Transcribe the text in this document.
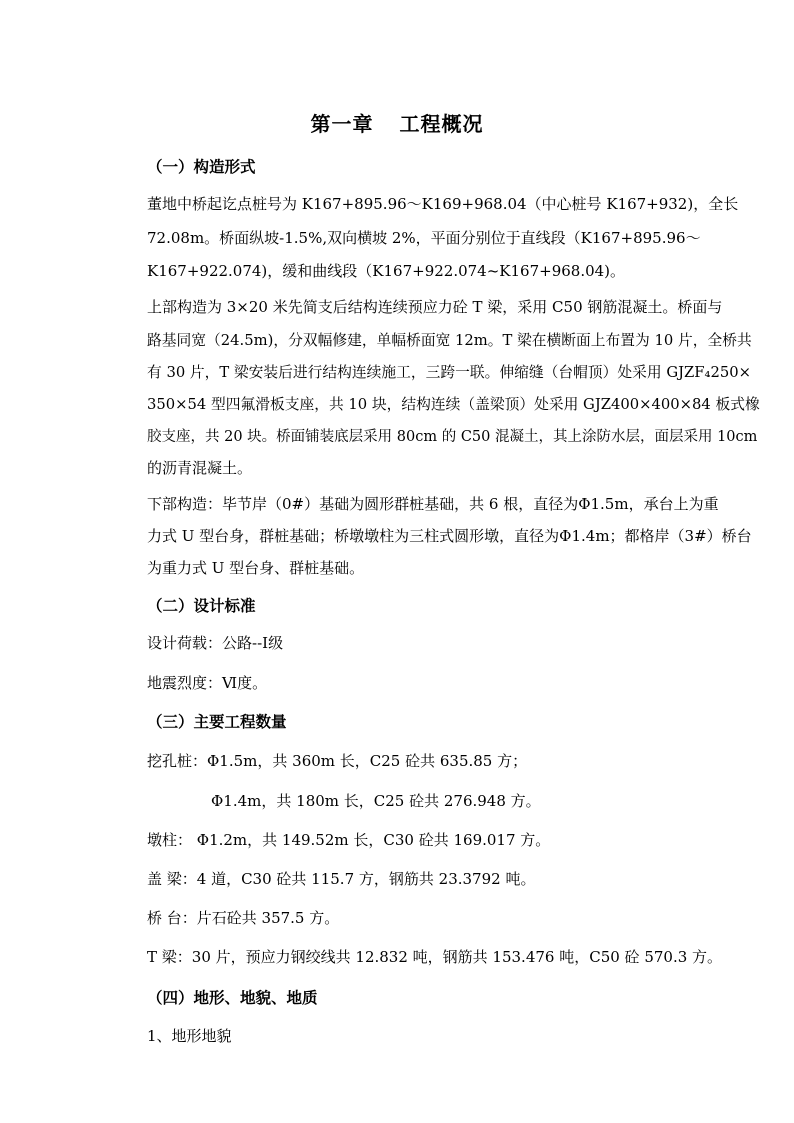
第一章 工程概况
（一）构造形式
董地中桥起讫点桩号为 K167+895.96～K169+968.04（中心桩号 K167+932)，全长
72.08m。桥面纵坡-1.5%,双向横坡 2%，平面分别位于直线段（K167+895.96～
K167+922.074)，缓和曲线段（K167+922.074~K167+968.04)。
上部构造为 3×20 米先简支后结构连续预应力砼 T 梁，采用 C50 钢筋混凝土。桥面与
路基同宽（24.5m)，分双幅修建，单幅桥面宽 12m。T 梁在横断面上布置为 10 片，全桥共
有 30 片，T 梁安装后进行结构连续施工，三跨一联。伸缩缝（台帽顶）处采用 GJZF₄250×
350×54 型四氟滑板支座，共 10 块，结构连续（盖梁顶）处采用 GJZ400×400×84 板式橡
胶支座，共 20 块。桥面铺装底层采用 80cm 的 C50 混凝土，其上涂防水层，面层采用 10cm
的沥青混凝土。
下部构造：毕节岸（0#）基础为圆形群桩基础，共 6 根，直径为Φ1.5m，承台上为重
力式 U 型台身，群桩基础；桥墩墩柱为三柱式圆形墩，直径为Φ1.4m；都格岸（3#）桥台
为重力式 U 型台身、群桩基础。
（二）设计标准
设计荷载：公路--Ⅰ级
地震烈度：Ⅵ度。
（三）主要工程数量
挖孔桩：Φ1.5m，共 360m 长，C25 砼共 635.85 方；
Φ1.4m，共 180m 长，C25 砼共 276.948 方。
墩柱： Φ1.2m，共 149.52m 长，C30 砼共 169.017 方。
盖 梁：4 道，C30 砼共 115.7 方，钢筋共 23.3792 吨。
桥 台：片石砼共 357.5 方。
T 梁：30 片，预应力钢绞线共 12.832 吨，钢筋共 153.476 吨，C50 砼 570.3 方。
（四）地形、地貌、地质
1、地形地貌
